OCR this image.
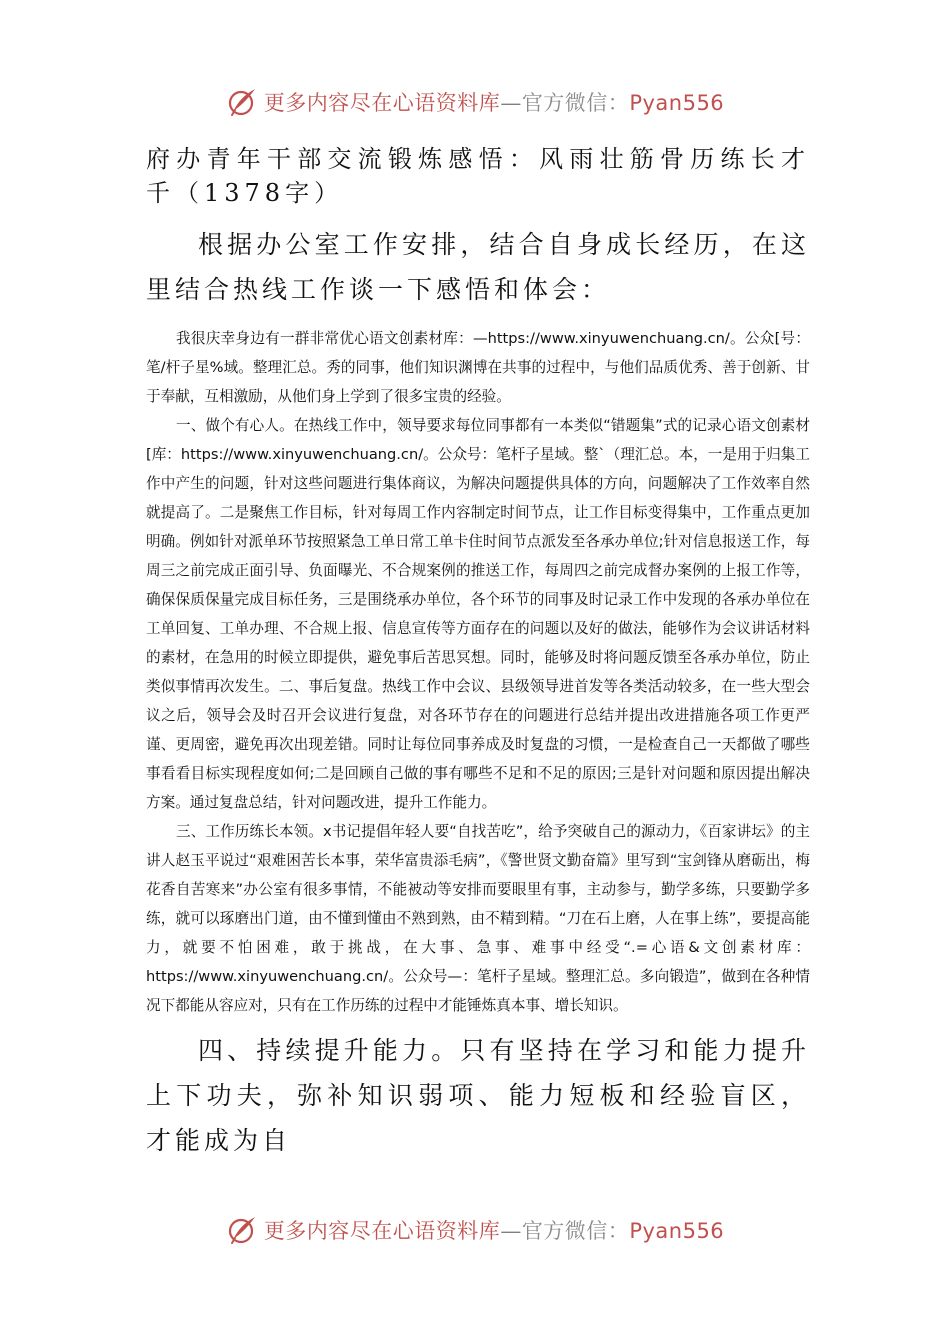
更多内容尽在心语资料库—官方微信：Pyan556
府办青年干部交流锻炼感悟：风雨壮筋骨历练长才千（1378字）

根据办公室工作安排，结合自身成长经历，在这里结合热线工作谈一下感悟和体会：

我很庆幸身边有一群非常优心语文创素材库：—https://www.xinyuwenchuang.cn/。公众[号：笔/杆子星%域。整理汇总。秀的同事，他们知识渊博在共事的过程中，与他们品质优秀、善于创新、甘于奉献，互相激励，从他们身上学到了很多宝贵的经验。

一、做个有心人。在热线工作中，领导要求每位同事都有一本类似“错题集”式的记录心语文创素材[库：https://www.xinyuwenchuang.cn/。公众号：笔杆子星域。整`（理汇总。本，一是用于归集工作中产生的问题，针对这些问题进行集体商议，为解决问题提供具体的方向，问题解决了工作效率自然就提高了。二是聚焦工作目标，针对每周工作内容制定时间节点，让工作目标变得集中，工作重点更加明确。例如针对派单环节按照紧急工单日常工单卡住时间节点派发至各承办单位;针对信息报送工作，每周三之前完成正面引导、负面曝光、不合规案例的推送工作，每周四之前完成督办案例的上报工作等，确保保质保量完成目标任务，三是围绕承办单位，各个环节的同事及时记录工作中发现的各承办单位在工单回复、工单办理、不合规上报、信息宣传等方面存在的问题以及好的做法，能够作为会议讲话材料的素材，在急用的时候立即提供，避免事后苦思冥想。同时，能够及时将问题反馈至各承办单位，防止类似事情再次发生。二、事后复盘。热线工作中会议、县级领导进首发等各类活动较多，在一些大型会议之后，领导会及时召开会议进行复盘，对各环节存在的问题进行总结并提出改进措施各项工作更严谨、更周密，避免再次出现差错。同时让每位同事养成及时复盘的习惯，一是检查自己一天都做了哪些事看看目标实现程度如何;二是回顾自己做的事有哪些不足和不足的原因;三是针对问题和原因提出解决方案。通过复盘总结，针对问题改进，提升工作能力。

三、工作历练长本领。x书记提倡年轻人要“自找苦吃”，给予突破自己的源动力，《百家讲坛》的主讲人赵玉平说过“艰难困苦长本事，荣华富贵添毛病”，《警世贤文勤奋篇》里写到“宝剑锋从磨砺出，梅花香自苦寒来”办公室有很多事情，不能被动等安排而要眼里有事，主动参与，勤学多练，只要勤学多练，就可以琢磨出门道，由不懂到懂由不熟到熟，由不精到精。“刀在石上磨，人在事上练”，要提高能力，就要不怕困难，敢于挑战，在大事、急事、难事中经受“.=心语&文创素材库：https://www.xinyuwenchuang.cn/。公众号—：笔杆子星域。整理汇总。多向锻造”，做到在各种情况下都能从容应对，只有在工作历练的过程中才能锤炼真本事、增长知识。

四、持续提升能力。只有坚持在学习和能力提升上下功夫，弥补知识弱项、能力短板和经验盲区，才能成为自

更多内容尽在心语资料库—官方微信：Pyan556
